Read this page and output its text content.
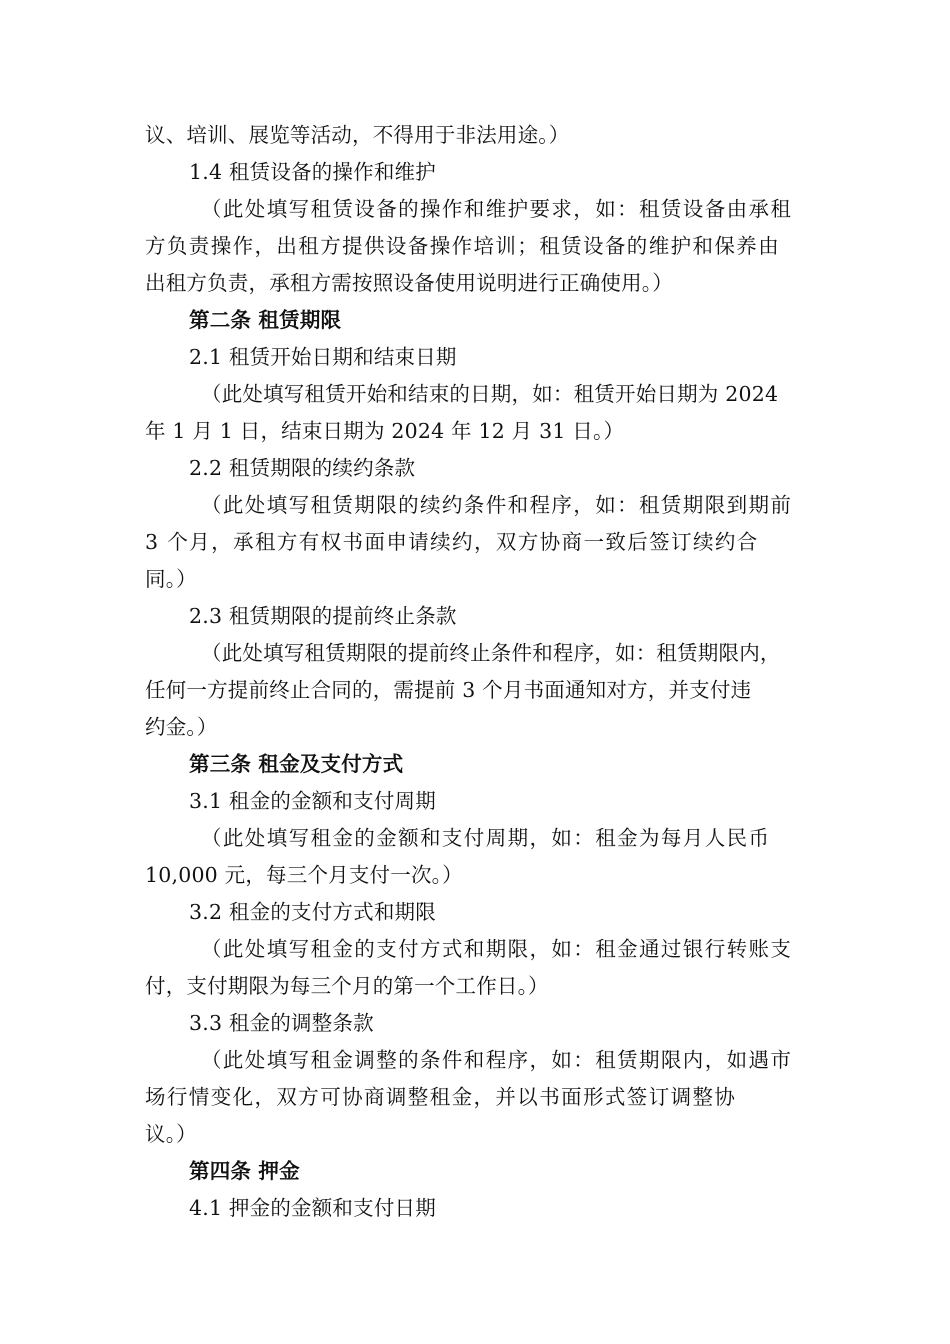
议、培训、展览等活动，不得用于非法用途。）
1.4 租赁设备的操作和维护
（此处填写租赁设备的操作和维护要求，如：租赁设备由承租
方负责操作，出租方提供设备操作培训；租赁设备的维护和保养由
出租方负责，承租方需按照设备使用说明进行正确使用。）
第二条 租赁期限
2.1 租赁开始日期和结束日期
（此处填写租赁开始和结束的日期，如：租赁开始日期为 2024
年 1 月 1 日，结束日期为 2024 年 12 月 31 日。）
2.2 租赁期限的续约条款
（此处填写租赁期限的续约条件和程序，如：租赁期限到期前
3 个月，承租方有权书面申请续约，双方协商一致后签订续约合
同。）
2.3 租赁期限的提前终止条款
（此处填写租赁期限的提前终止条件和程序，如：租赁期限内，
任何一方提前终止合同的，需提前 3 个月书面通知对方，并支付违
约金。）
第三条 租金及支付方式
3.1 租金的金额和支付周期
（此处填写租金的金额和支付周期，如：租金为每月人民币
10,000 元，每三个月支付一次。）
3.2 租金的支付方式和期限
（此处填写租金的支付方式和期限，如：租金通过银行转账支
付，支付期限为每三个月的第一个工作日。）
3.3 租金的调整条款
（此处填写租金调整的条件和程序，如：租赁期限内，如遇市
场行情变化，双方可协商调整租金，并以书面形式签订调整协
议。）
第四条 押金
4.1 押金的金额和支付日期
